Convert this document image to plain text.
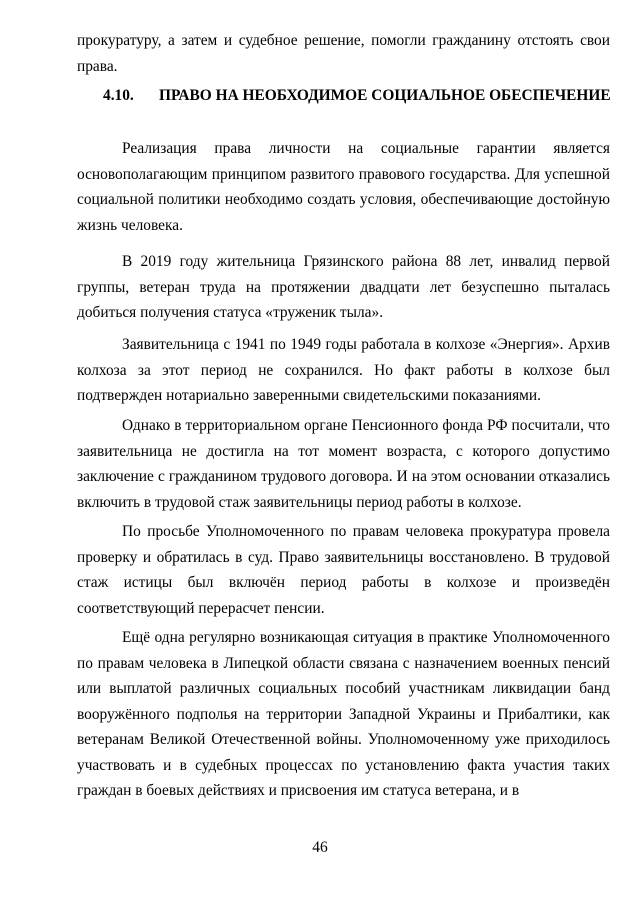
прокуратуру, а затем и судебное решение, помогли гражданину отстоять свои права.

4.10. ПРАВО НА НЕОБХОДИМОЕ СОЦИАЛЬНОЕ ОБЕСПЕЧЕНИЕ

Реализация права личности на социальные гарантии является основополагающим принципом развитого правового государства. Для успешной социальной политики необходимо создать условия, обеспечивающие достойную жизнь человека.

В 2019 году жительница Грязинского района 88 лет, инвалид первой группы, ветеран труда на протяжении двадцати лет безуспешно пыталась добиться получения статуса «труженик тыла».

Заявительница с 1941 по 1949 годы работала в колхозе «Энергия». Архив колхоза за этот период не сохранился. Но факт работы в колхозе был подтвержден нотариально заверенными свидетельскими показаниями.

Однако в территориальном органе Пенсионного фонда РФ посчитали, что заявительница не достигла на тот момент возраста, с которого допустимо заключение с гражданином трудового договора. И на этом основании отказались включить в трудовой стаж заявительницы период работы в колхозе.

По просьбе Уполномоченного по правам человека прокуратура провела проверку и обратилась в суд. Право заявительницы восстановлено. В трудовой стаж истицы был включён период работы в колхозе и произведён соответствующий перерасчет пенсии.

Ещё одна регулярно возникающая ситуация в практике Уполномоченного по правам человека в Липецкой области связана с назначением военных пенсий или выплатой различных социальных пособий участникам ликвидации банд вооружённого подполья на территории Западной Украины и Прибалтики, как ветеранам Великой Отечественной войны. Уполномоченному уже приходилось участвовать и в судебных процессах по установлению факта участия таких граждан в боевых действиях и присвоения им статуса ветерана, и в

46
